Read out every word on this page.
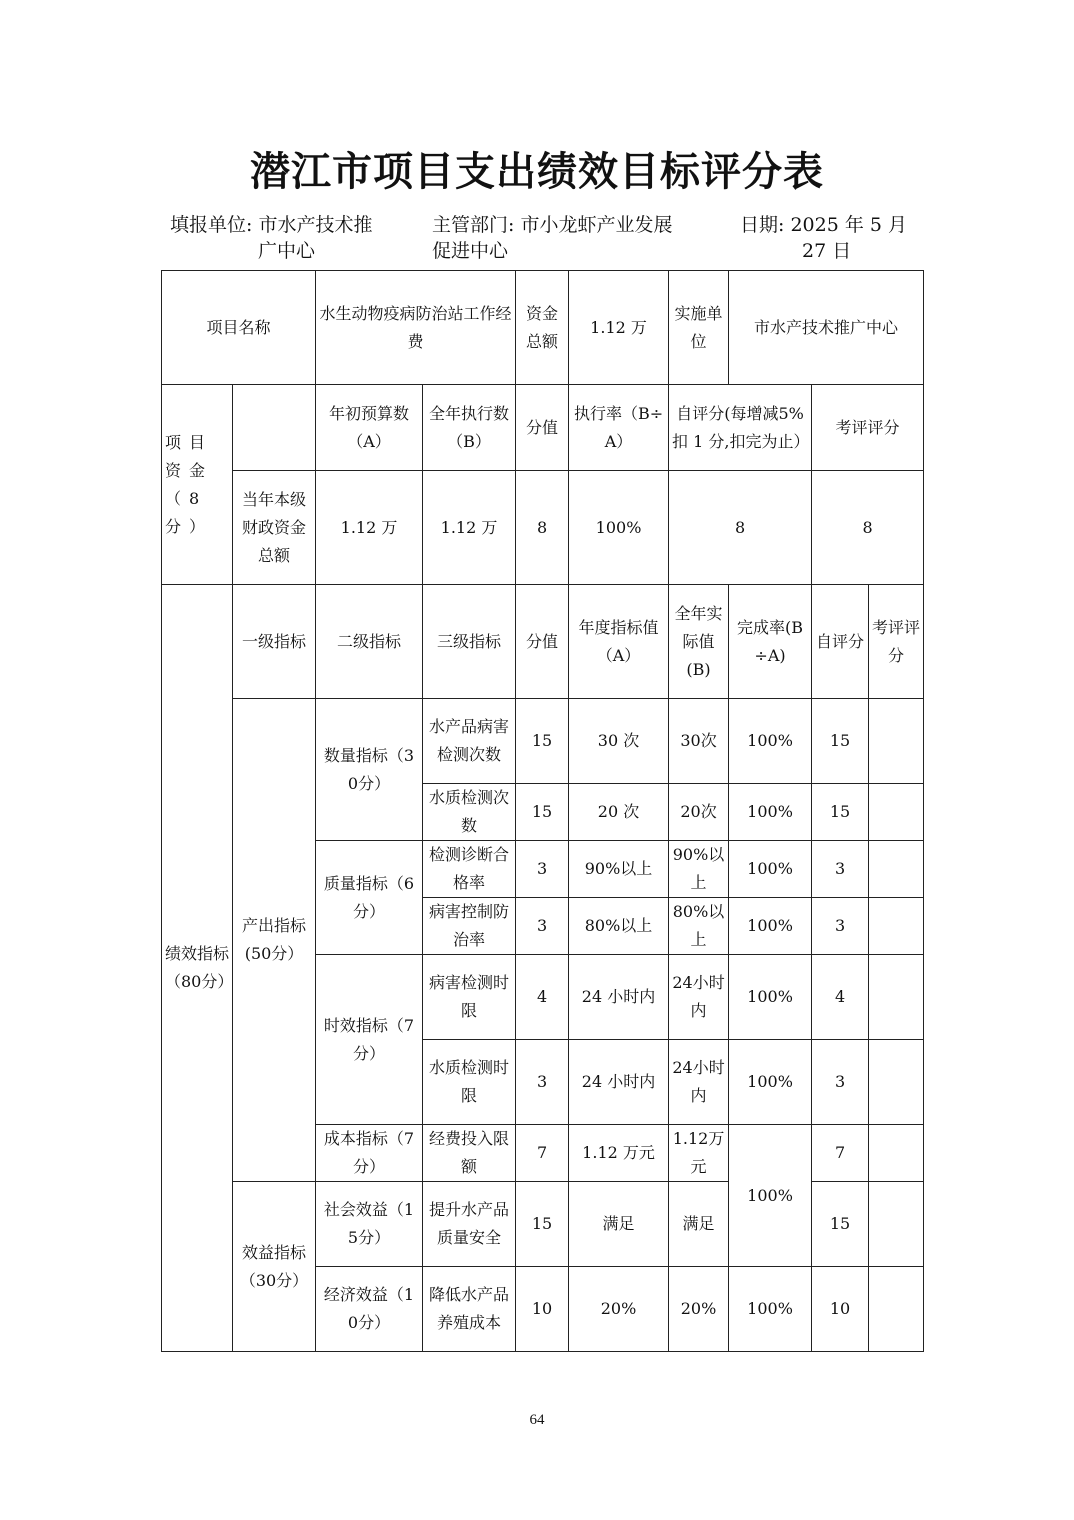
潜江市项目支出绩效目标评分表
填报单位: 市水产技术推
广中心
主管部门: 市小龙虾产业发展
促进中心
日期: 2025 年 5 月
27 日
项目名称		水生动物疫病防治站工作经费		资金总额	1.12 万	实施单位	市水产技术推广中心		
项目资金（8分）		年初预算数（A）	全年执行数（B）	分值	执行率（B÷A）	自评分(每增减5%扣 1 分,扣完为止）		考评评分	
	当年本级财政资金总额	1.12 万	1.12 万	8	100%	8		8	
绩效指标（80分）	一级指标	二级指标	三级指标	分值	年度指标值（A）	全年实际值(B)	完成率(B÷A)	自评分	考评评分
	产出指标(50分）	数量指标（30分）	水产品病害检测次数	15	30 次	30次	100%	15	
			水质检测次数	15	20 次	20次	100%	15	
		质量指标（6分）	检测诊断合格率	3	90%以上	90%以上	100%	3	
			病害控制防治率	3	80%以上	80%以上	100%	3	
		时效指标（7分）	病害检测时限	4	24 小时内	24小时内	100%	4	
			水质检测时限	3	24 小时内	24小时内	100%	3	
		成本指标（7分）	经费投入限额	7	1.12 万元	1.12万元	100%	7	
	效益指标（30分）	社会效益（15分）	提升水产品质量安全	15	满足	满足		15	
		经济效益（10分）	降低水产品养殖成本	10	20%	20%	100%	10	
64
